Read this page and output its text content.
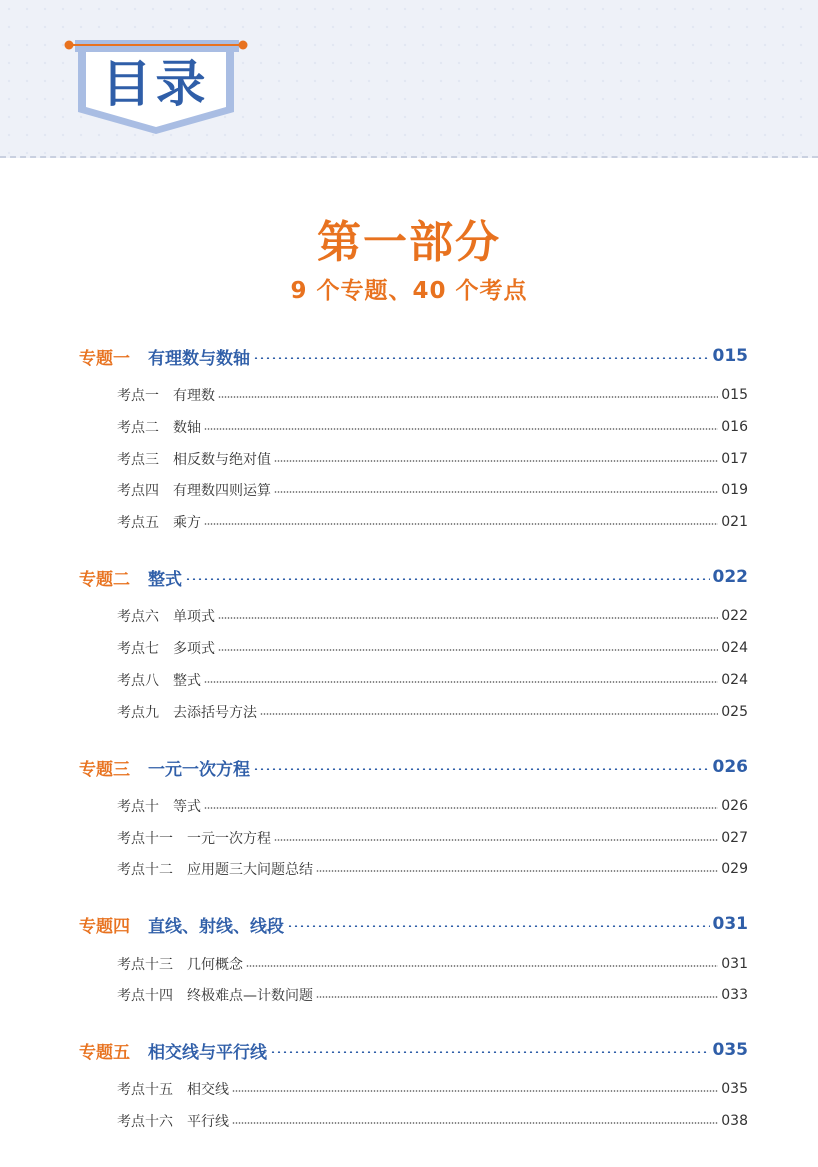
目录
第一部分
9 个专题、40 个考点
专题一 有理数与数轴	015
考点一 有理数	015
考点二 数轴	016
考点三 相反数与绝对值	017
考点四 有理数四则运算	019
考点五 乘方	021
专题二 整式	022
考点六 单项式	022
考点七 多项式	024
考点八 整式	024
考点九 去添括号方法	025
专题三 一元一次方程	026
考点十 等式	026
考点十一 一元一次方程	027
考点十二 应用题三大问题总结	029
专题四 直线、射线、线段	031
考点十三 几何概念	031
考点十四 终极难点—计数问题	033
专题五 相交线与平行线	035
考点十五 相交线	035
考点十六 平行线	038
